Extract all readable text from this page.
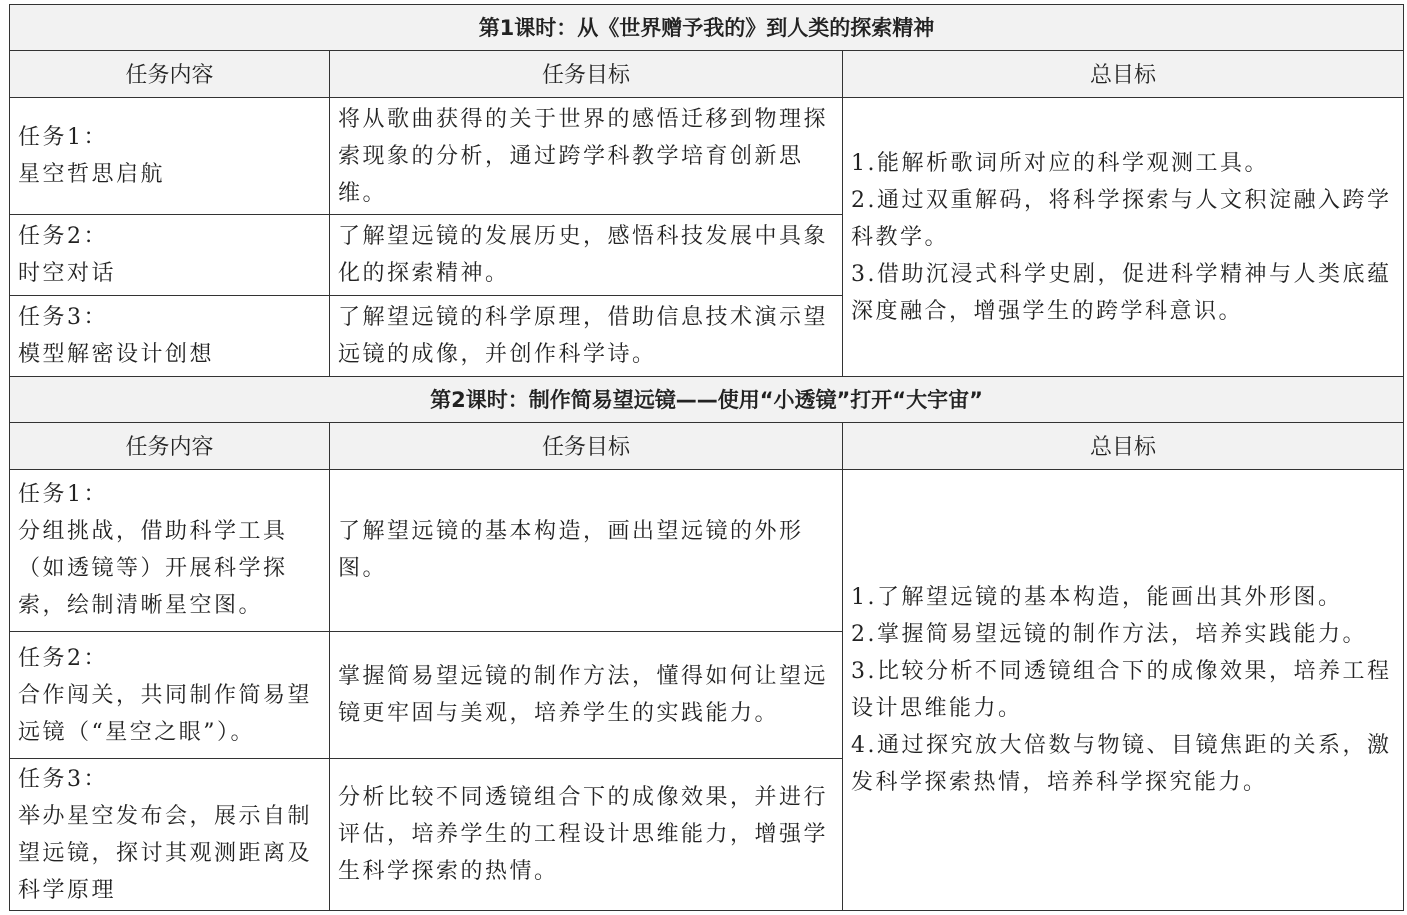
第1课时：从《世界赠予我的》到人类的探索精神		
任务内容	任务目标	总目标

任务1：
星空哲思启航	将从歌曲获得的关于世界的感悟迁移到物理探索现象的分析，通过跨学科教学培育创新思维。	1.能解析歌词所对应的科学观测工具。
2.通过双重解码，将科学探索与人文积淀融入跨学科教学。
3.借助沉浸式科学史剧，促进科学精神与人类底蕴深度融合，增强学生的跨学科意识。

任务2：
时空对话	了解望远镜的发展历史，感悟科技发展中具象化的探索精神。	

任务3：
模型解密设计创想	了解望远镜的科学原理，借助信息技术演示望远镜的成像，并创作科学诗。	
第2课时：制作简易望远镜——使用“小透镜”打开“大宇宙”		
任务内容	任务目标	总目标

任务1：
分组挑战，借助科学工具（如透镜等）开展科学探索，绘制清晰星空图。	了解望远镜的基本构造，画出望远镜的外形图。	1.了解望远镜的基本构造，能画出其外形图。
2.掌握简易望远镜的制作方法，培养实践能力。
3.比较分析不同透镜组合下的成像效果，培养工程设计思维能力。
4.通过探究放大倍数与物镜、目镜焦距的关系，激发科学探索热情，培养科学探究能力。

任务2：
合作闯关，共同制作简易望远镜（“星空之眼”）。	掌握简易望远镜的制作方法，懂得如何让望远镜更牢固与美观，培养学生的实践能力。	

任务3：
举办星空发布会，展示自制望远镜，探讨其观测距离及科学原理	分析比较不同透镜组合下的成像效果，并进行评估，培养学生的工程设计思维能力，增强学生科学探索的热情。	
